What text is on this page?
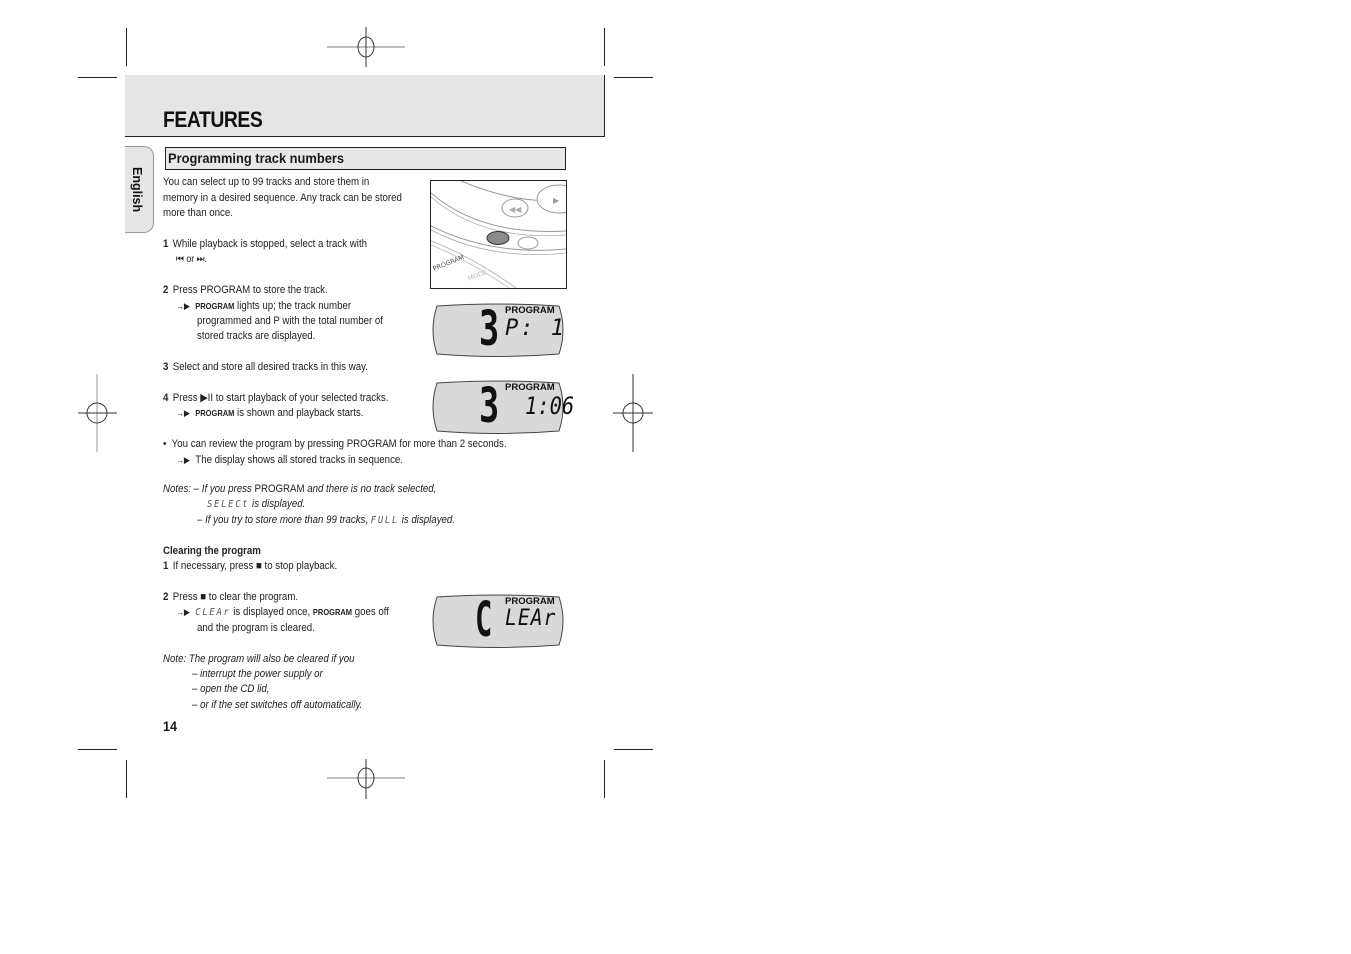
FEATURES
English
Programming track numbers
You can select up to 99 tracks and store them in
memory in a desired sequence. Any track can be stored
more than once.
1 While playback is stopped, select a track with
⏮ or ⏭.
2 Press PROGRAM to store the track.
→▶ PROGRAM lights up; the track number
programmed and P with the total number of
stored tracks are displayed.
3 Select and store all desired tracks in this way.
4 Press ▶II to start playback of your selected tracks.
→▶ PROGRAM is shown and playback starts.
• You can review the program by pressing PROGRAM for more than 2 seconds.
→▶ The display shows all stored tracks in sequence.
Notes: – If you press PROGRAM and there is no track selected,
SELECt is displayed.
– If you try to store more than 99 tracks, FULL is displayed.
Clearing the program
1 If necessary, press ■ to stop playback.
2 Press ■ to clear the program.
→▶ CLEAr is displayed once, PROGRAM goes off
and the program is cleared.
Note: The program will also be cleared if you
– interrupt the power supply or
– open the CD lid,
– or if the set switches off automatically.
14
◀◀
▶
PROGRAM
MODE
3 PROGRAM
P: 1
3 PROGRAM
1:06
C PROGRAM
LEAr
